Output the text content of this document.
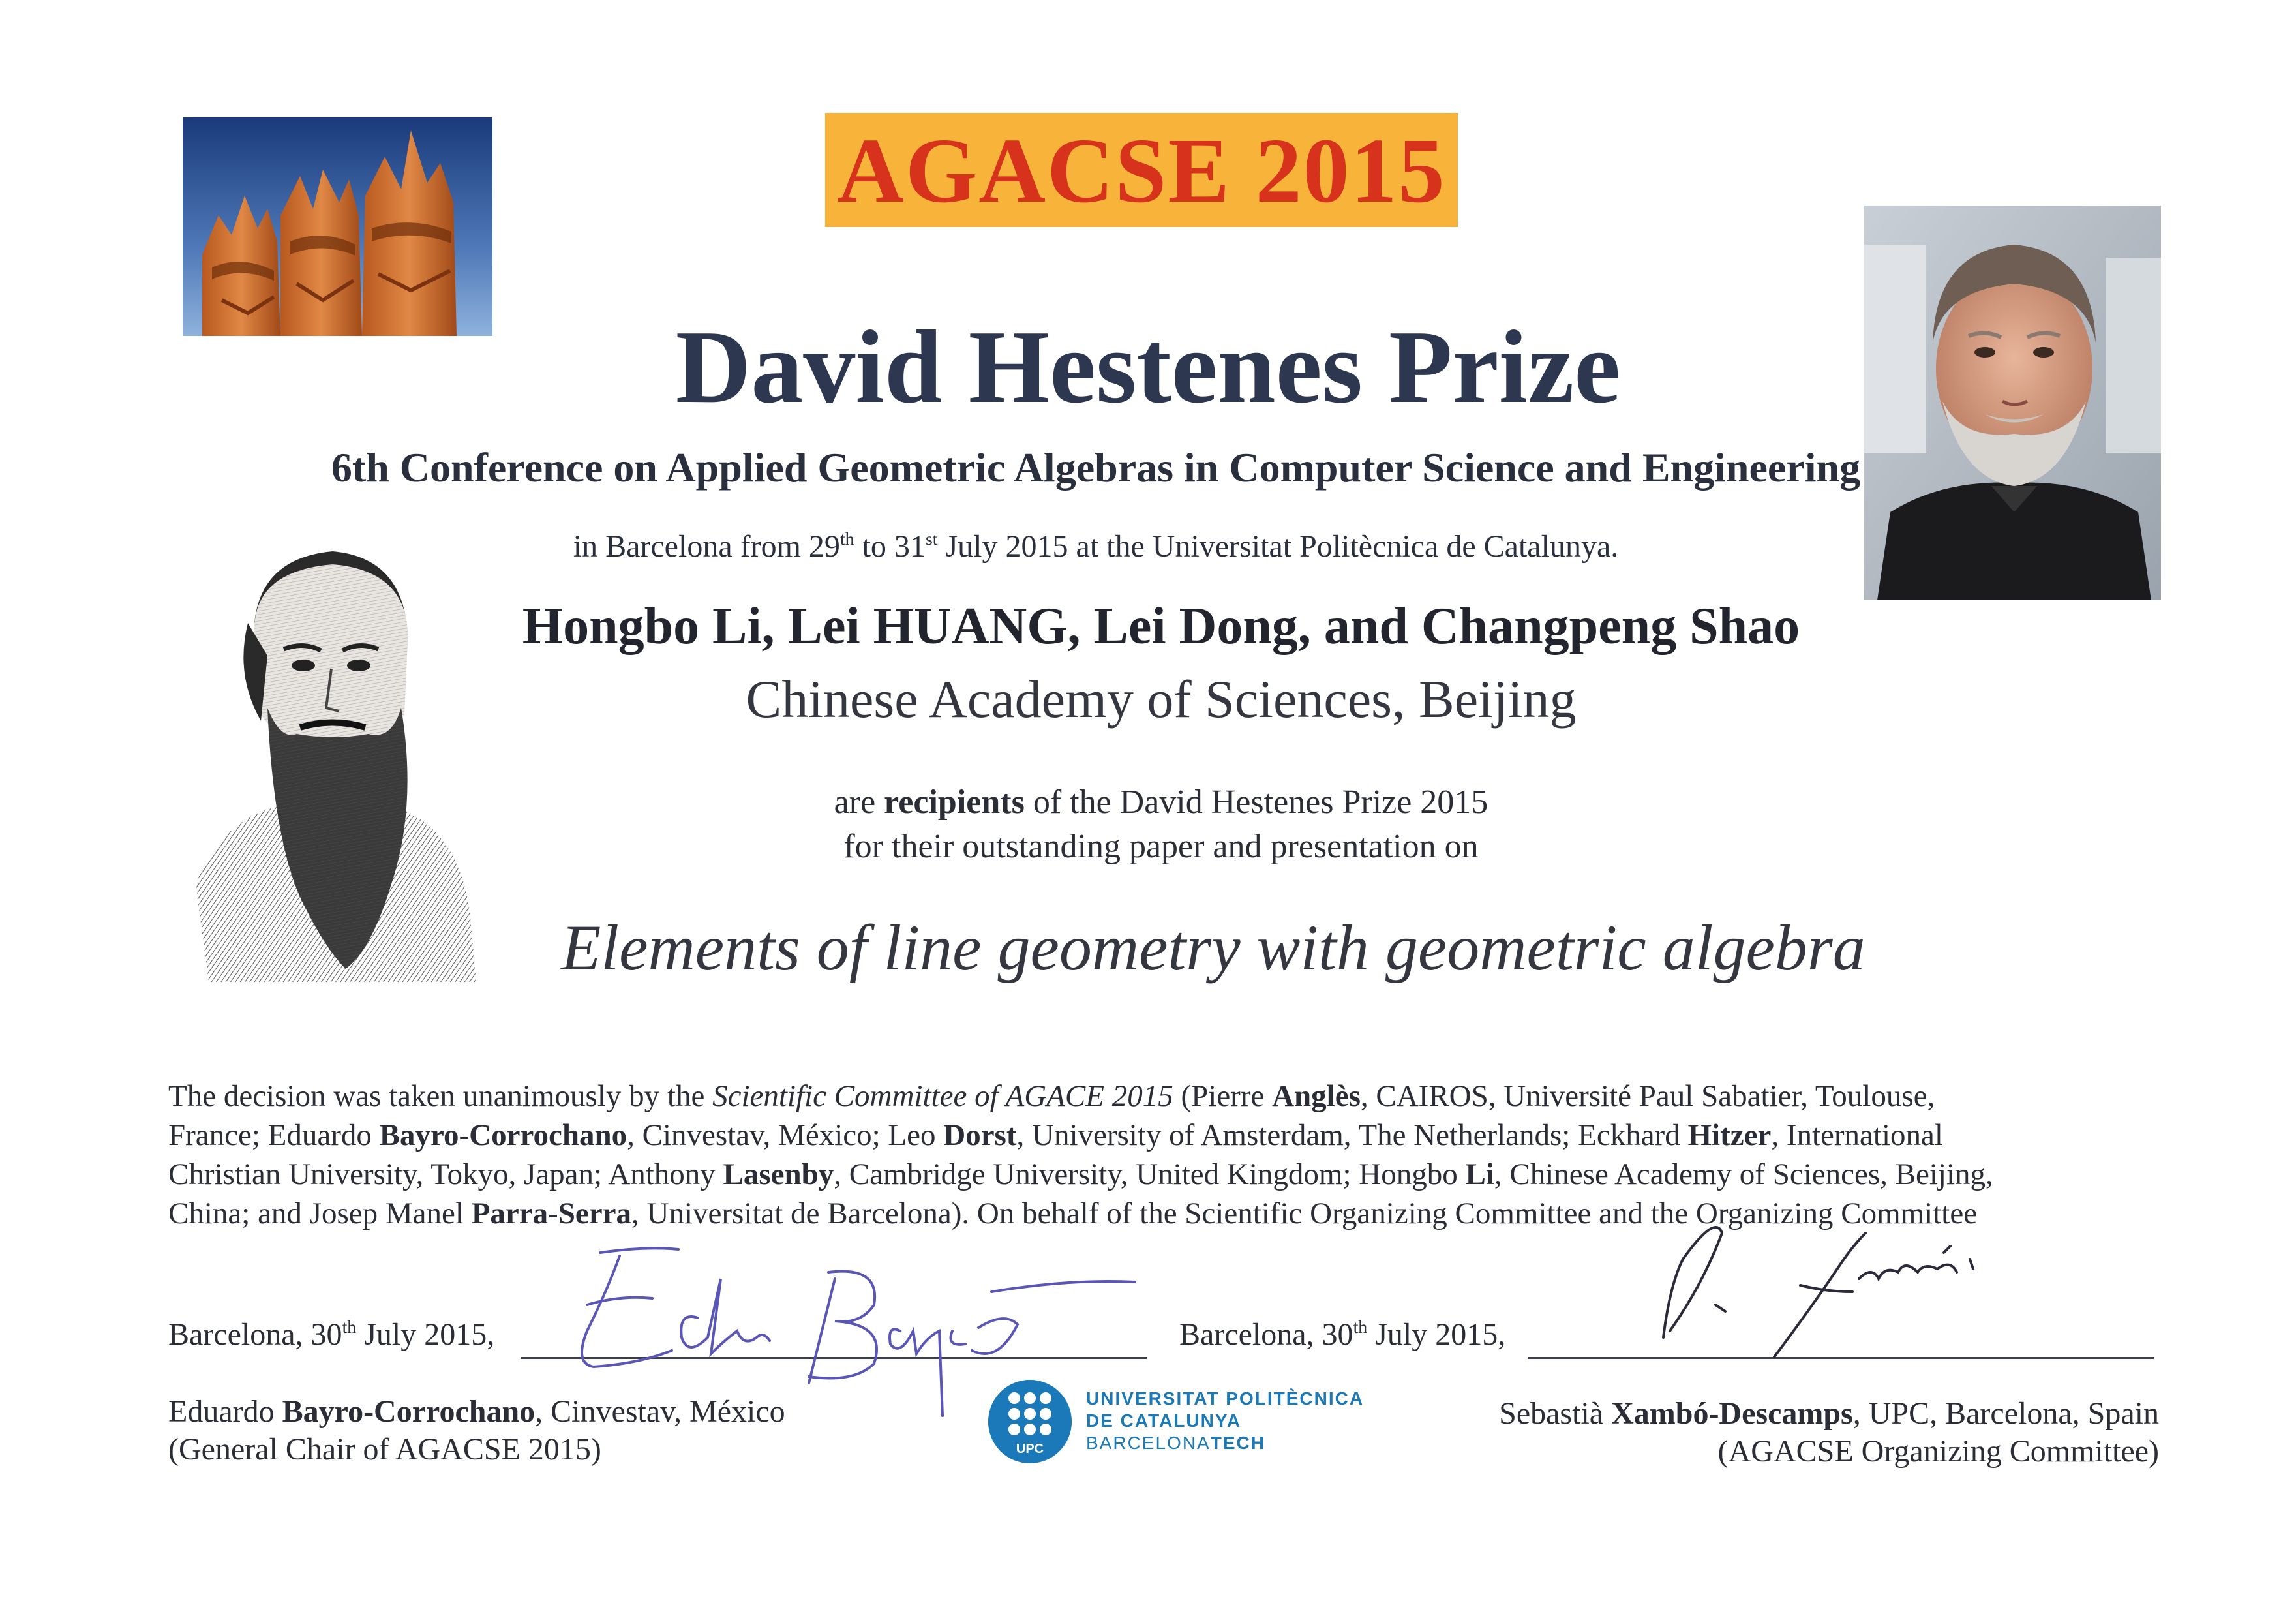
AGACSE 2015
David Hestenes Prize
6th Conference on Applied Geometric Algebras in Computer Science and Engineering
in Barcelona from 29th to 31st July 2015 at the Universitat Politècnica de Catalunya.
Hongbo Li, Lei HUANG, Lei Dong, and Changpeng Shao
Chinese Academy of Sciences, Beijing
are recipients of the David Hestenes Prize 2015
for their outstanding paper and presentation on
Elements of line geometry with geometric algebra
The decision was taken unanimously by the Scientific Committee of AGACE 2015 (Pierre Anglès, CAIROS, Université Paul Sabatier, Toulouse,
France; Eduardo Bayro-Corrochano, Cinvestav, México; Leo Dorst, University of Amsterdam, The Netherlands; Eckhard Hitzer, International
Christian University, Tokyo, Japan; Anthony Lasenby, Cambridge University, United Kingdom; Hongbo Li, Chinese Academy of Sciences, Beijing,
China; and Josep Manel Parra-Serra, Universitat de Barcelona). On behalf of the Scientific Organizing Committee and the Organizing Committee
Barcelona, 30th July 2015,	Barcelona, 30th July 2015,
Eduardo Bayro-Corrochano, Cinvestav, México
(General Chair of AGACSE 2015)
Sebastià Xambó-Descamps, UPC, Barcelona, Spain
(AGACSE Organizing Committee)
UPC
UNIVERSITAT POLITÈCNICA
DE CATALUNYA
BARCELONATECH
